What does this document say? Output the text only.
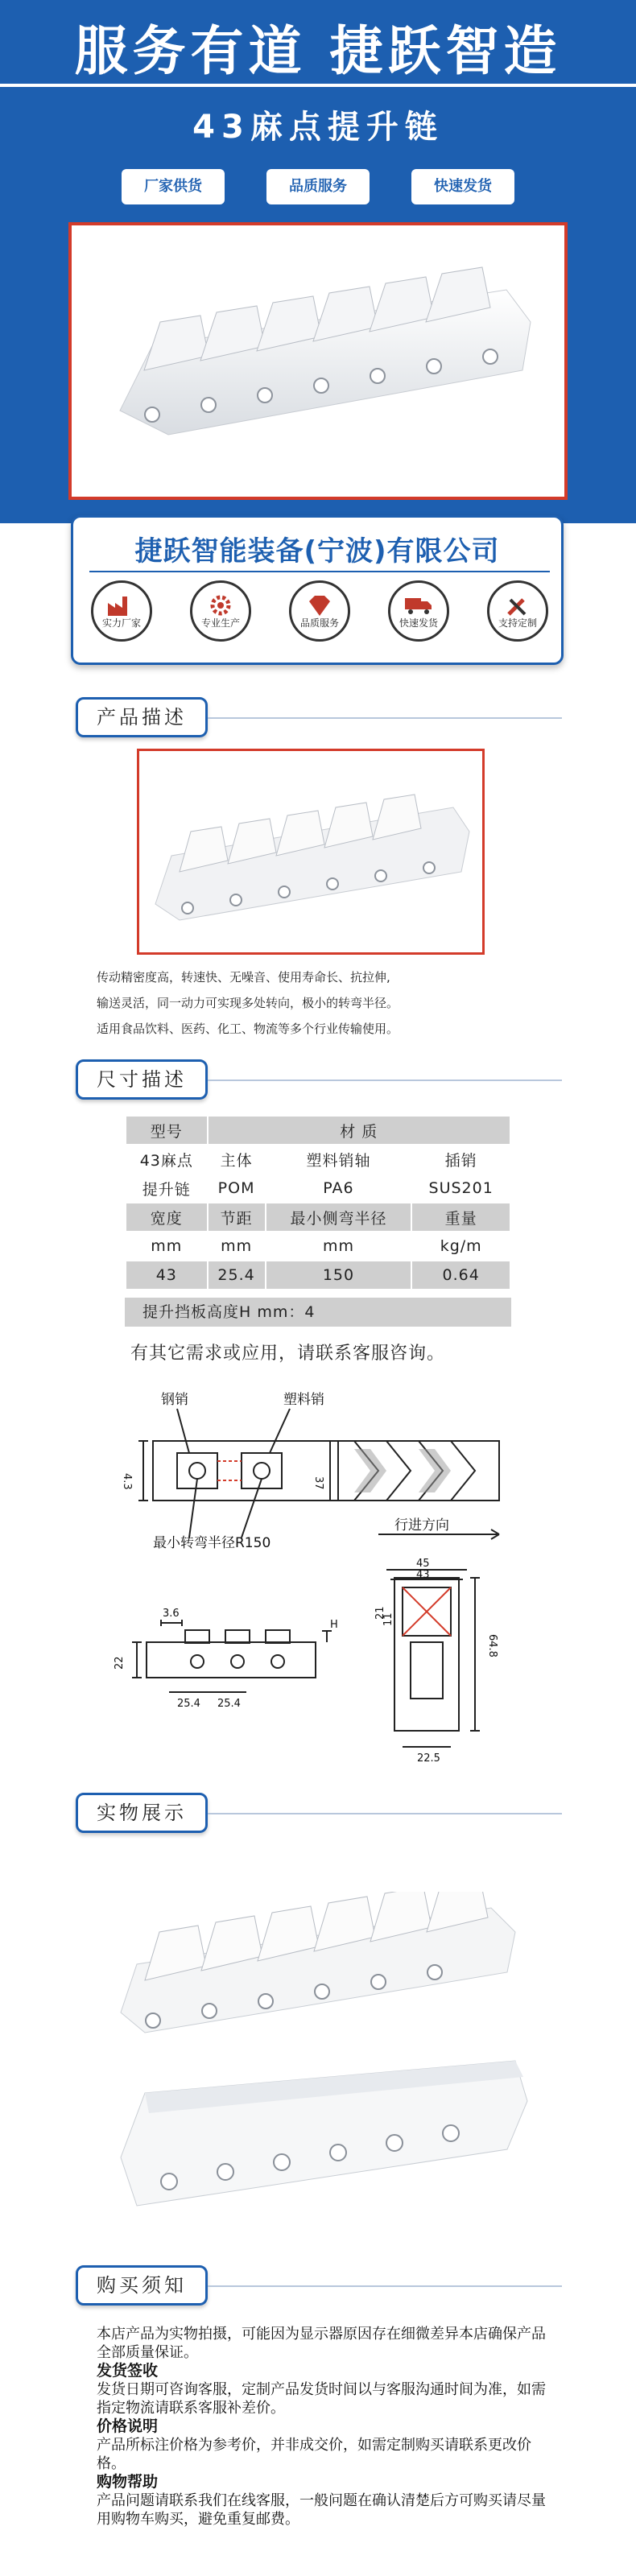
服务有道 捷跃智造
43麻点提升链
厂家供货	品质服务	快速发货
捷跃智能装备(宁波)有限公司
实力厂家	专业生产	品质服务	快速发货	支持定制
产品描述
传动精密度高，转速快、无噪音、使用寿命长、抗拉伸,
输送灵活，同一动力可实现多处转向，极小的转弯半径。
适用食品饮料、医药、化工、物流等多个行业传输使用。
尺寸描述
型号	材 质		
43麻点	主体	塑料销轴	插销
提升链	POM	PA6	SUS201
宽度	节距	最小侧弯半径	重量
mm	mm	mm	kg/m
43	25.4	150	0.64
提升挡板高度H mm：4
有其它需求或应用，请联系客服咨询。
钢销	塑料销
最小转弯半径R150
行进方向
4.3	37
3.6
H
22
25.4 25.4
45
43
21
11
64.8
22.5
实物展示
购买须知
本店产品为实物拍摄，可能因为显示器原因存在细微差异本店确保产品全部质量保证。
发货签收
发货日期可咨询客服，定制产品发货时间以与客服沟通时间为准，如需指定物流请联系客服补差价。
价格说明
产品所标注价格为参考价，并非成交价，如需定制购买请联系更改价格。
购物帮助
产品问题请联系我们在线客服，一般问题在确认清楚后方可购买请尽量用购物车购买，避免重复邮费。
